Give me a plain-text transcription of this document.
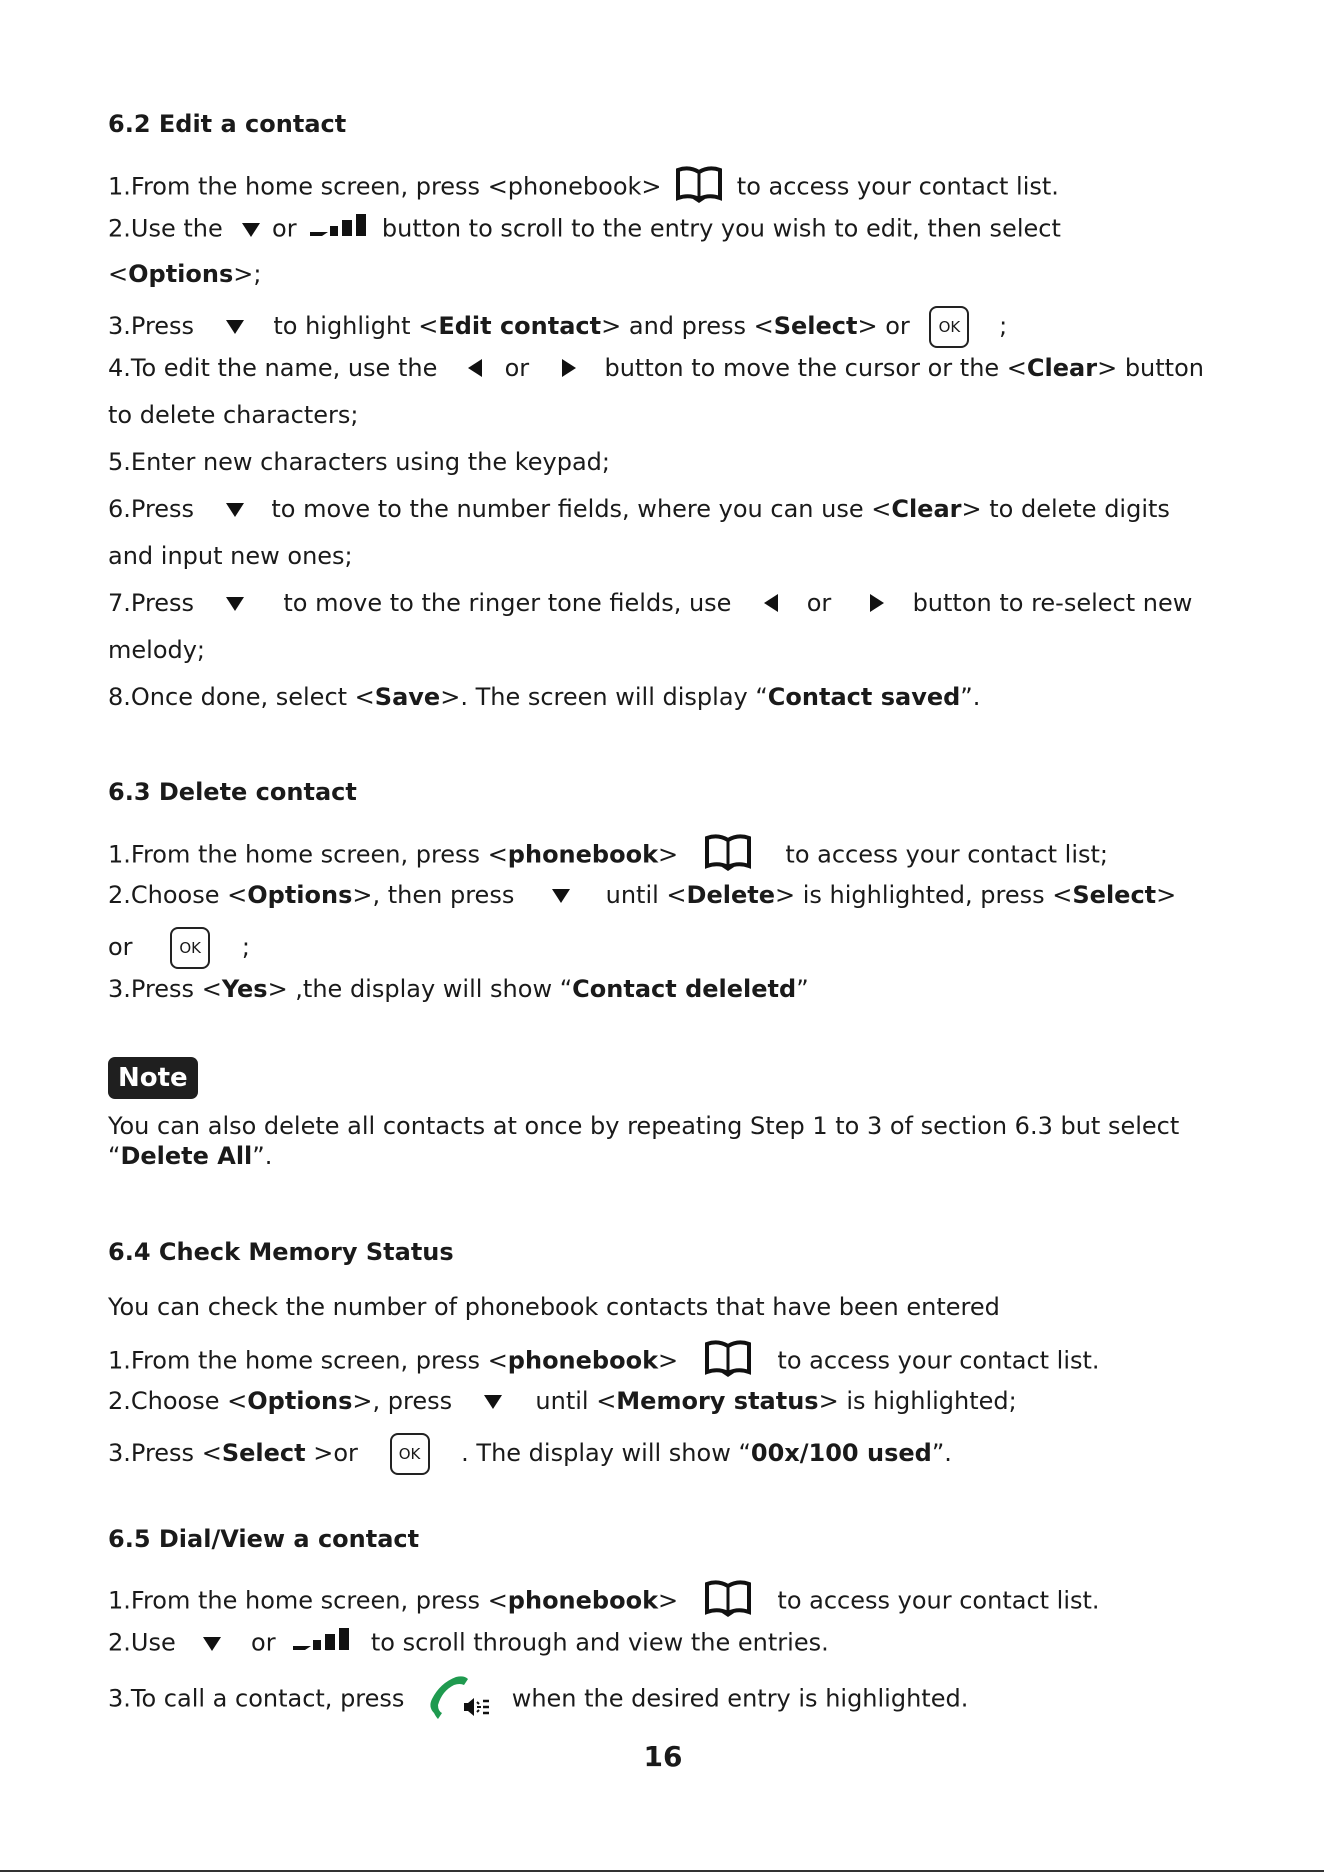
6.2 Edit a contact
1.From the home screen, press <phonebook>	to access your contact list.
2.Use the or	button to scroll to the entry you wish to edit, then select
<Options>;
3.Press	to highlight <Edit contact> and press <Select> or OK ;
4.To edit the name, use the	or	button to move the cursor or the <Clear> button
to delete characters;
5.Enter new characters using the keypad;
6.Press	to move to the number fields, where you can use <Clear> to delete digits
and input new ones;
7.Press	to move to the ringer tone fields, use	or	button to re-select new
melody;
8.Once done, select <Save>. The screen will display “Contact saved”.
6.3 Delete contact
1.From the home screen, press <phonebook>	to access your contact list;
2.Choose <Options>, then press	until <Delete> is highlighted, press <Select>
or	OK ;
3.Press <Yes> ,the display will show “Contact deleletd”
Note
You can also delete all contacts at once by repeating Step 1 to 3 of section 6.3 but select
“Delete All”.
6.4 Check Memory Status
You can check the number of phonebook contacts that have been entered
1.From the home screen, press <phonebook>	to access your contact list.
2.Choose <Options>, press	until <Memory status> is highlighted;
3.Press <Select >or	OK . The display will show “00x/100 used”.
6.5 Dial/View a contact
1.From the home screen, press <phonebook>	to access your contact list.
2.Use	or	to scroll through and view the entries.
3.To call a contact, press	when the desired entry is highlighted.
16
